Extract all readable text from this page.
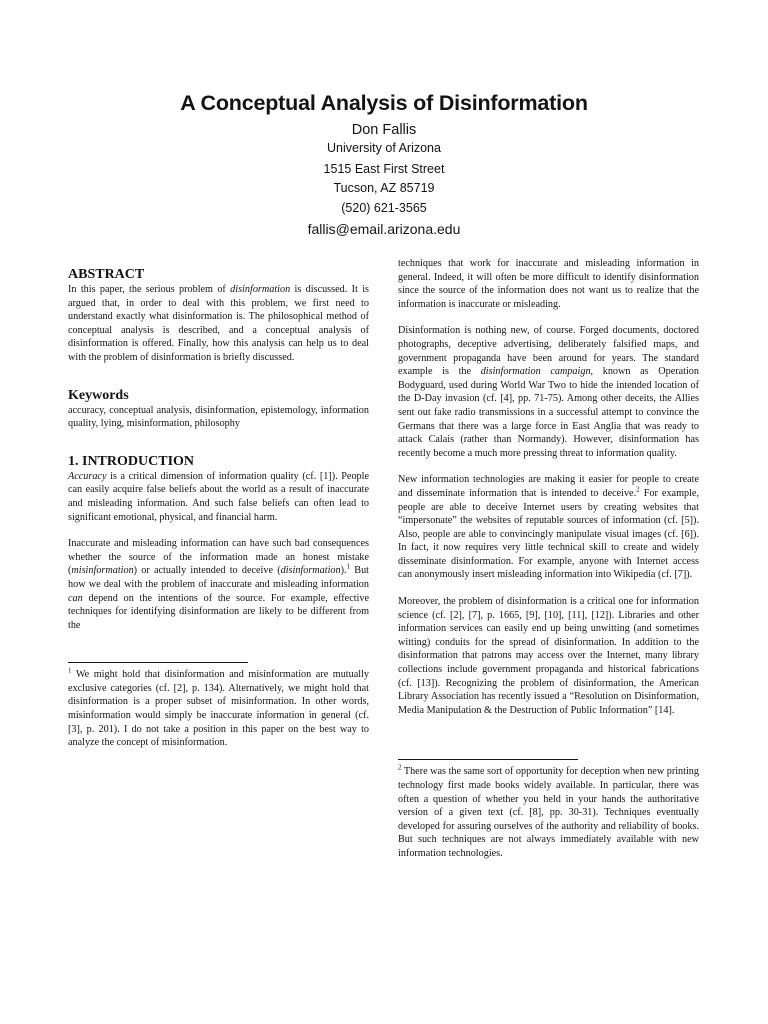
A Conceptual Analysis of Disinformation
Don Fallis
University of Arizona
1515 East First Street
Tucson, AZ 85719
(520) 621-3565
fallis@email.arizona.edu
ABSTRACT

In this paper, the serious problem of disinformation is discussed. It is argued that, in order to deal with this problem, we first need to understand exactly what disinformation is. The philosophical method of conceptual analysis is described, and a conceptual analysis of disinformation is offered. Finally, how this analysis can help us to deal with the problem of disinformation is briefly discussed.

Keywords

accuracy, conceptual analysis, disinformation, epistemology, information quality, lying, misinformation, philosophy

1. INTRODUCTION

Accuracy is a critical dimension of information quality (cf. [1]). People can easily acquire false beliefs about the world as a result of inaccurate and misleading information. And such false beliefs can often lead to significant emotional, physical, and financial harm.

Inaccurate and misleading information can have such bad consequences whether the source of the information made an honest mistake (misinformation) or actually intended to deceive (disinformation).$^1$ But how we deal with the problem of inaccurate and misleading information can depend on the intentions of the source. For example, effective techniques for identifying disinformation are likely to be different from the

$^1$ We might hold that disinformation and misinformation are mutually exclusive categories (cf. [2], p. 134). Alternatively, we might hold that disinformation is a proper subset of misinformation. In other words, misinformation would simply be inaccurate information in general (cf. [3], p. 201). I do not take a position in this paper on the best way to analyze the concept of misinformation.

techniques that work for inaccurate and misleading information in general. Indeed, it will often be more difficult to identify disinformation since the source of the information does not want us to realize that the information is inaccurate or misleading.

Disinformation is nothing new, of course. Forged documents, doctored photographs, deceptive advertising, deliberately falsified maps, and government propaganda have been around for years. The standard example is the disinformation campaign, known as Operation Bodyguard, used during World War Two to hide the intended location of the D-Day invasion (cf. [4], pp. 71-75). Among other deceits, the Allies sent out fake radio transmissions in a successful attempt to convince the Germans that there was a large force in East Anglia that was ready to attack Calais (rather than Normandy). However, disinformation has recently become a much more pressing threat to information quality.

New information technologies are making it easier for people to create and disseminate information that is intended to deceive.$^2$ For example, people are able to deceive Internet users by creating websites that “impersonate” the websites of reputable sources of information (cf. [5]). Also, people are able to convincingly manipulate visual images (cf. [6]). In fact, it now requires very little technical skill to create and widely disseminate disinformation. For example, anyone with Internet access can anonymously insert misleading information into Wikipedia (cf. [7]).

Moreover, the problem of disinformation is a critical one for information science (cf. [2], [7], p. 1665, [9], [10], [11], [12]). Libraries and other information services can easily end up being unwitting (and sometimes witting) conduits for the spread of disinformation. In addition to the disinformation that patrons may access over the Internet, many library collections include government propaganda and historical fabrications (cf. [13]). Recognizing the problem of disinformation, the American Library Association has recently issued a “Resolution on Disinformation, Media Manipulation & the Destruction of Public Information” [14].

$^2$ There was the same sort of opportunity for deception when new printing technology first made books widely available. In particular, there was often a question of whether you held in your hands the authoritative version of a given text (cf. [8], pp. 30-31). Techniques eventually developed for assuring ourselves of the authority and reliability of books. But such techniques are not always immediately available with new information technologies.
